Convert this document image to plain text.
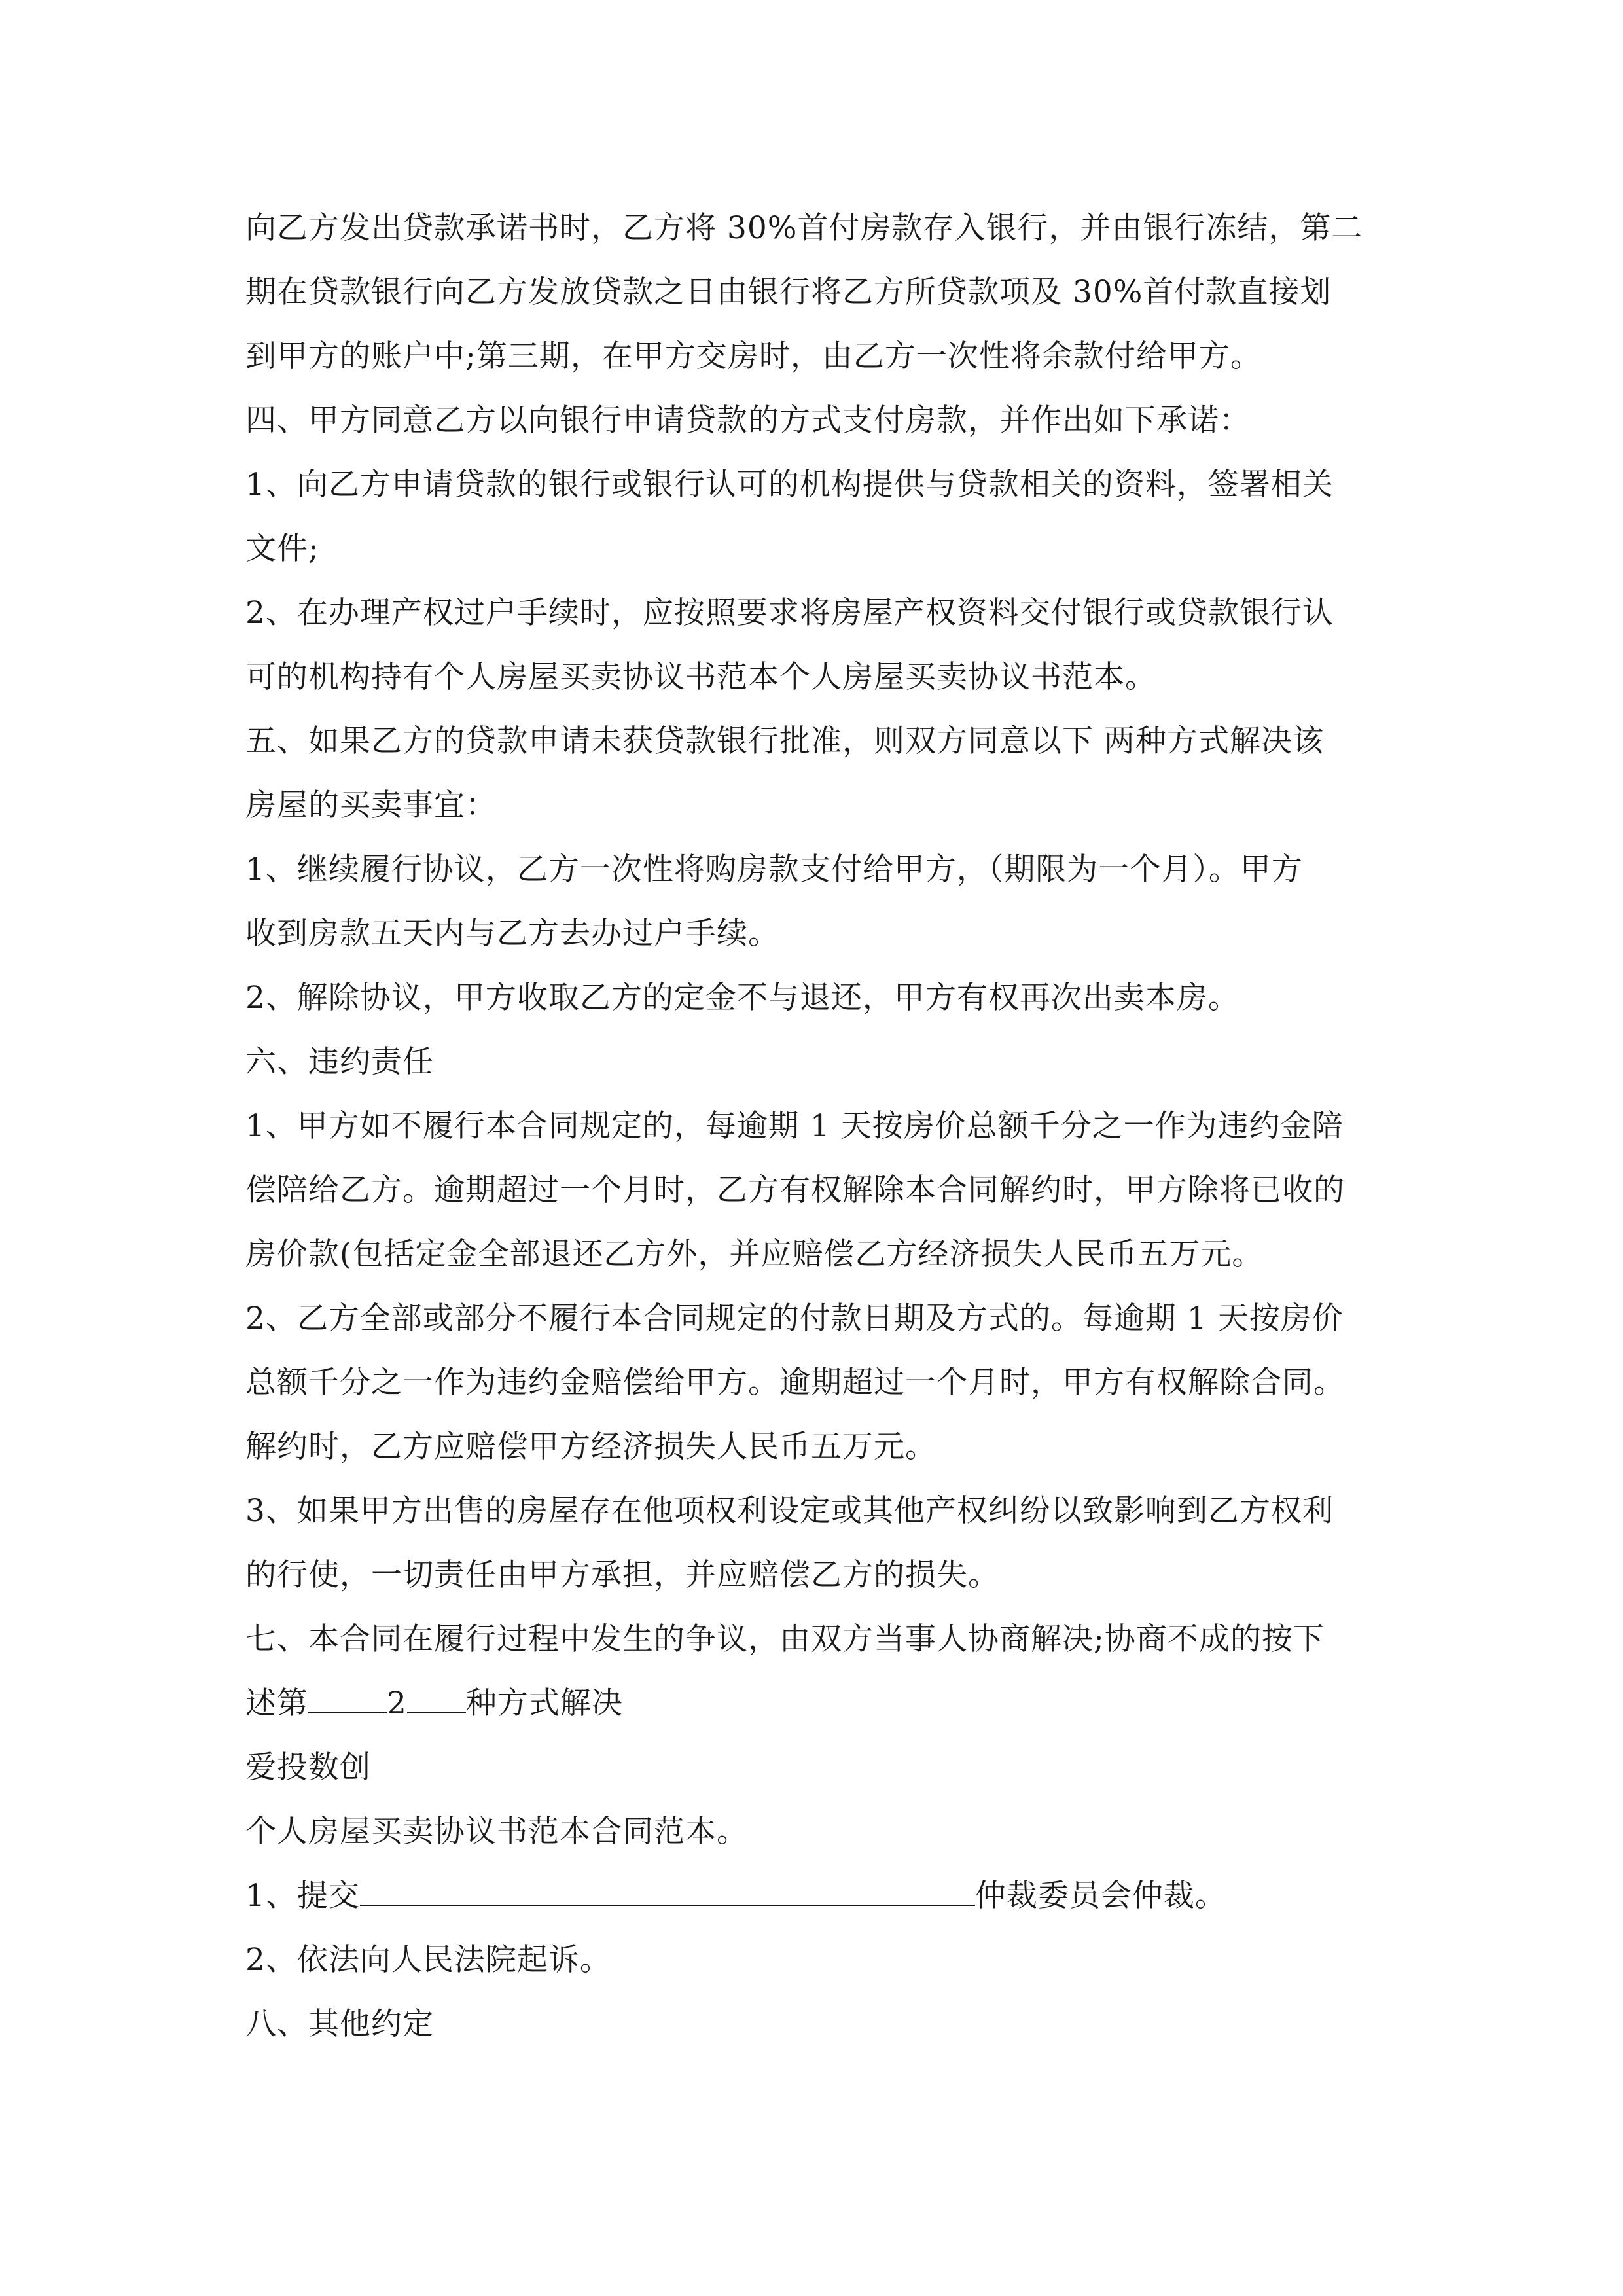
向乙方发出贷款承诺书时，乙方将 30%首付房款存入银行，并由银行冻结，第二
期在贷款银行向乙方发放贷款之日由银行将乙方所贷款项及 30%首付款直接划
到甲方的账户中;第三期，在甲方交房时，由乙方一次性将余款付给甲方。
四、甲方同意乙方以向银行申请贷款的方式支付房款，并作出如下承诺：
1、向乙方申请贷款的银行或银行认可的机构提供与贷款相关的资料，签署相关
文件;
2、在办理产权过户手续时，应按照要求将房屋产权资料交付银行或贷款银行认
可的机构持有个人房屋买卖协议书范本个人房屋买卖协议书范本。
五、如果乙方的贷款申请未获贷款银行批准，则双方同意以下 两种方式解决该
房屋的买卖事宜：
1、继续履行协议，乙方一次性将购房款支付给甲方，（期限为一个月）。甲方
收到房款五天内与乙方去办过户手续。
2、解除协议，甲方收取乙方的定金不与退还，甲方有权再次出卖本房。
六、违约责任
1、甲方如不履行本合同规定的，每逾期 1 天按房价总额千分之一作为违约金陪
偿陪给乙方。逾期超过一个月时，乙方有权解除本合同解约时，甲方除将已收的
房价款(包括定金全部退还乙方外，并应赔偿乙方经济损失人民币五万元。
2、乙方全部或部分不履行本合同规定的付款日期及方式的。每逾期 1 天按房价
总额千分之一作为违约金赔偿给甲方。逾期超过一个月时，甲方有权解除合同。
解约时，乙方应赔偿甲方经济损失人民币五万元。
3、如果甲方出售的房屋存在他项权利设定或其他产权纠纷以致影响到乙方权利
的行使，一切责任由甲方承担，并应赔偿乙方的损失。
七、本合同在履行过程中发生的争议，由双方当事人协商解决;协商不成的按下
述第	2 种方式解决
爱投数创
个人房屋买卖协议书范本合同范本。
1、提交	仲裁委员会仲裁。
2、依法向人民法院起诉。
八、其他约定
